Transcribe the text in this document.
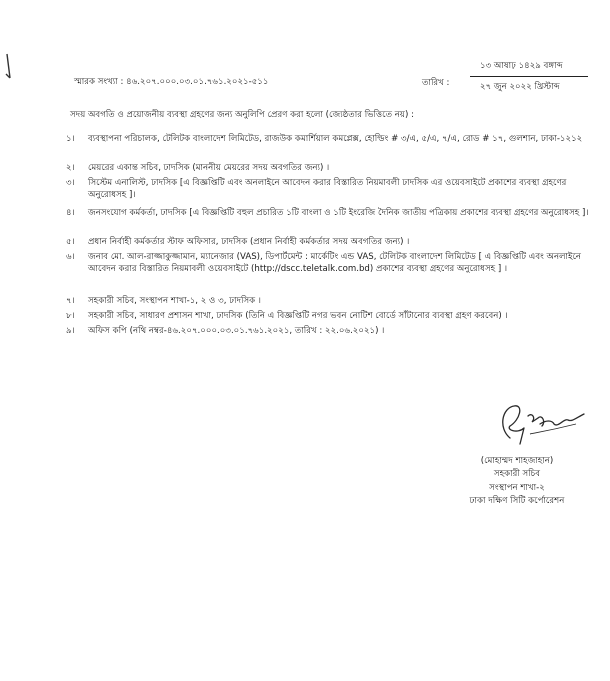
স্মারক সংখ্যা : ৪৬.২০৭.০০০.০৩.০১.৭৬১.২০২১-৫১১	তারিখ :
১৩ আষাঢ় ১৪২৯ বঙ্গাব্দ
২৭ জুন ২০২২ খ্রিস্টাব্দ
সদয় অবগতি ও প্রয়োজনীয় ব্যবস্থা গ্রহণের জন্য অনুলিপি প্রেরণ করা হলো (জ্যেষ্ঠতার ভিত্তিতে নয়) :
১।	ব্যবস্থাপনা পরিচালক, টেলিটক বাংলাদেশ লিমিটেড, রাজউক কমার্শিয়াল কমপ্লেক্স, হোল্ডিং # ৩/এ, ৫/এ, ৭/এ, রোড # ১৭, গুলশান, ঢাকা-১২১২
২।	মেয়রের একান্ত সচিব, ঢাদসিক (মাননীয় মেয়রের সদয় অবগতির জন্য) ।
৩।	সিস্টেম এনালিস্ট, ঢাদসিক [এ বিজ্ঞপ্তিটি এবং অনলাইনে আবেদন করার বিস্তারিত নিয়মাবলী ঢাদসিক এর ওয়েবসাইটে প্রকাশের ব্যবস্থা গ্রহণের অনুরোধসহ ]।
৪।	জনসংযোগ কর্মকর্তা, ঢাদসিক [এ বিজ্ঞপ্তিটি বহুল প্রচারিত ১টি বাংলা ও ১টি ইংরেজি দৈনিক জাতীয় পত্রিকায় প্রকাশের ব্যবস্থা গ্রহণের অনুরোধসহ ]।
৫।	প্রধান নির্বাহী কর্মকর্তার স্টাফ অফিসার, ঢাদসিক (প্রধান নির্বাহী কর্মকর্তার সদয় অবগতির জন্য) ।
৬।	জনাব মো. আল-রাজ্জাকুজ্জামান, ম্যানেজার (VAS), ডিপার্টমেন্ট : মার্কেটিং এন্ড VAS, টেলিটক বাংলাদেশ লিমিটেড [ এ বিজ্ঞপ্তিটি এবং অনলাইনে আবেদন করার বিস্তারিত নিয়মাবলী ওয়েবসাইটে (http://dscc.teletalk.com.bd) প্রকাশের ব্যবস্থা গ্রহণের অনুরোধসহ ] ।
৭।	সহকারী সচিব, সংস্থাপন শাখা-১, ২ ও ৩, ঢাদসিক ।
৮।	সহকারী সচিব, সাধারণ প্রশাসন শাখা, ঢাদসিক (তিনি এ বিজ্ঞপ্তিটি নগর ভবন নোটিশ বোর্ডে সাঁটানোর ব্যবস্থা গ্রহণ করবেন) ।
৯।	অফিস কপি (নথি নম্বর-৪৬.২০৭.০০০.০৩.০১.৭৬১.২০২১, তারিখ : ২২.০৬.২০২১) ।
(মোহাম্মদ শাহজাহান)
সহকারী সচিব
সংস্থাপন শাখা-২
ঢাকা দক্ষিণ সিটি কর্পোরেশন
